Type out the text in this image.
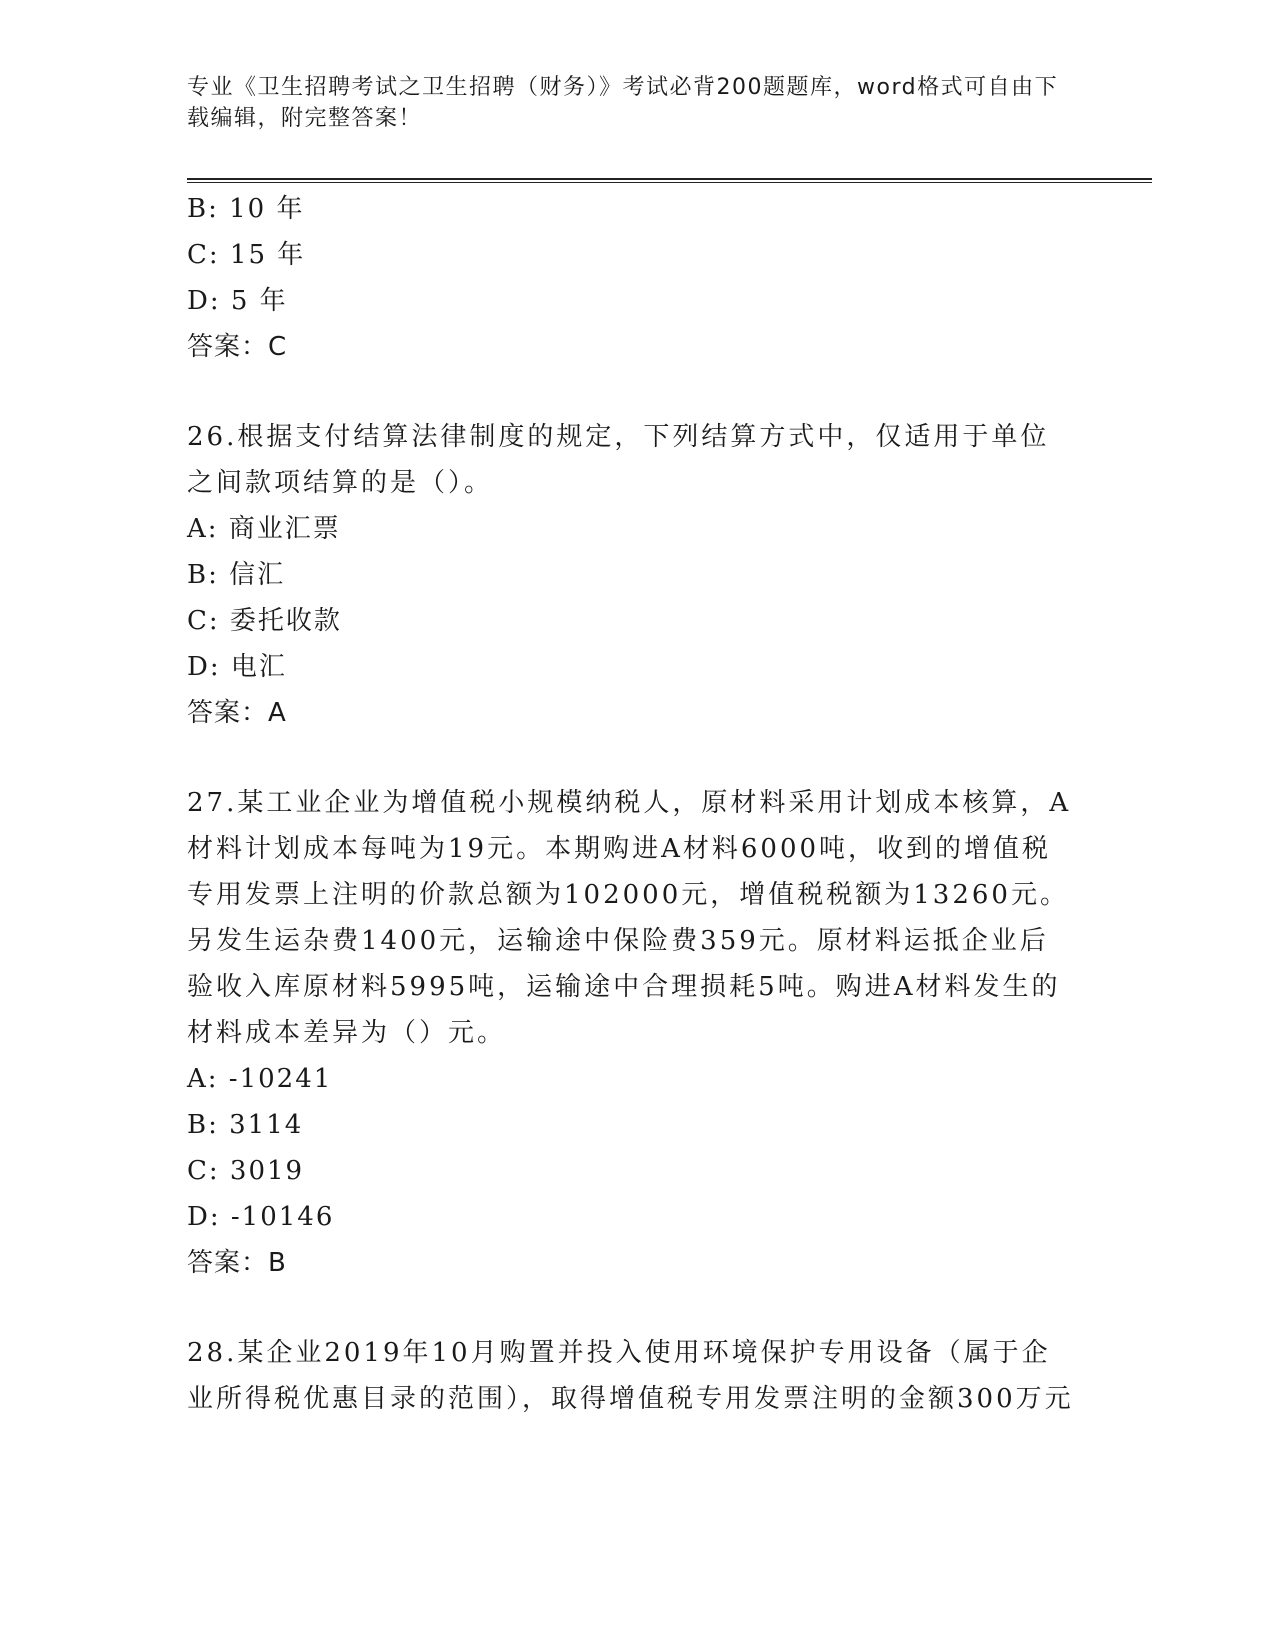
专业《卫生招聘考试之卫生招聘（财务）》考试必背200题题库，word格式可自由下载编辑，附完整答案！
B: 10 年
C: 15 年
D: 5 年
答案：C
26.根据支付结算法律制度的规定，下列结算方式中，仅适用于单位之间款项结算的是（）。
A: 商业汇票
B: 信汇
C: 委托收款
D: 电汇
答案：A
27.某工业企业为增值税小规模纳税人，原材料采用计划成本核算，A材料计划成本每吨为19元。本期购进A材料6000吨，收到的增值税专用发票上注明的价款总额为102000元，增值税税额为13260元。另发生运杂费1400元，运输途中保险费359元。原材料运抵企业后验收入库原材料5995吨，运输途中合理损耗5吨。购进A材料发生的材料成本差异为（）元。
A: -10241
B: 3114
C: 3019
D: -10146
答案：B
28.某企业2019年10月购置并投入使用环境保护专用设备（属于企业所得税优惠目录的范围），取得增值税专用发票注明的金额300万元
